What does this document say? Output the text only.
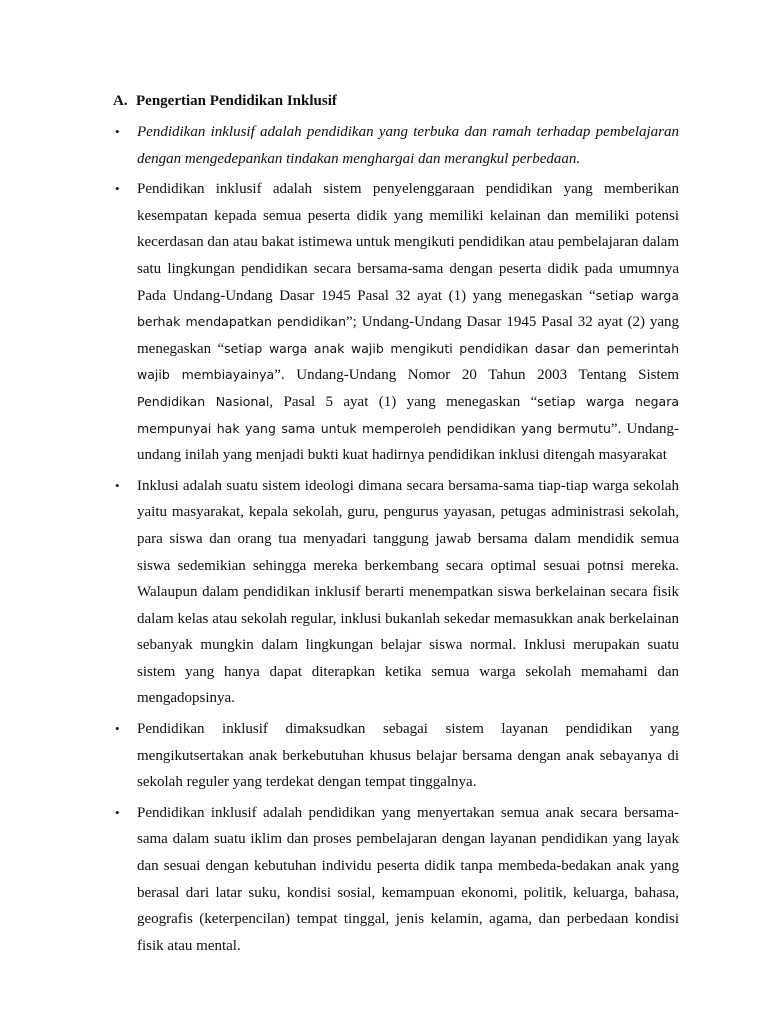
A. Pengertian Pendidikan Inklusif
• Pendidikan inklusif adalah pendidikan yang terbuka dan ramah terhadap pembelajaran dengan mengedepankan tindakan menghargai dan merangkul perbedaan.
• Pendidikan inklusif adalah sistem penyelenggaraan pendidikan yang memberikan kesempatan kepada semua peserta didik yang memiliki kelainan dan memiliki potensi kecerdasan dan atau bakat istimewa untuk mengikuti pendidikan atau pembelajaran dalam satu lingkungan pendidikan secara bersama-sama dengan peserta didik pada umumnya Pada Undang-Undang Dasar 1945 Pasal 32 ayat (1) yang menegaskan “setiap warga berhak mendapatkan pendidikan”; Undang-Undang Dasar 1945 Pasal 32 ayat (2) yang menegaskan “setiap warga anak wajib mengikuti pendidikan dasar dan pemerintah wajib membiayainya”. Undang-Undang Nomor 20 Tahun 2003 Tentang Sistem Pendidikan Nasional, Pasal 5 ayat (1) yang menegaskan “setiap warga negara mempunyai hak yang sama untuk memperoleh pendidikan yang bermutu”. Undang-undang inilah yang menjadi bukti kuat hadirnya pendidikan inklusi ditengah masyarakat
• Inklusi adalah suatu sistem ideologi dimana secara bersama-sama tiap-tiap warga sekolah yaitu masyarakat, kepala sekolah, guru, pengurus yayasan, petugas administrasi sekolah, para siswa dan orang tua menyadari tanggung jawab bersama dalam mendidik semua siswa sedemikian sehingga mereka berkembang secara optimal sesuai potnsi mereka. Walaupun dalam pendidikan inklusif berarti menempatkan siswa berkelainan secara fisik dalam kelas atau sekolah regular, inklusi bukanlah sekedar memasukkan anak berkelainan sebanyak mungkin dalam lingkungan belajar siswa normal. Inklusi merupakan suatu sistem yang hanya dapat diterapkan ketika semua warga sekolah memahami dan mengadopsinya.
• Pendidikan inklusif dimaksudkan sebagai sistem layanan pendidikan yang mengikutsertakan anak berkebutuhan khusus belajar bersama dengan anak sebayanya di sekolah reguler yang terdekat dengan tempat tinggalnya.
• Pendidikan inklusif adalah pendidikan yang menyertakan semua anak secara bersama-sama dalam suatu iklim dan proses pembelajaran dengan layanan pendidikan yang layak dan sesuai dengan kebutuhan individu peserta didik tanpa membeda-bedakan anak yang berasal dari latar suku, kondisi sosial, kemampuan ekonomi, politik, keluarga, bahasa, geografis (keterpencilan) tempat tinggal, jenis kelamin, agama, dan perbedaan kondisi fisik atau mental.
